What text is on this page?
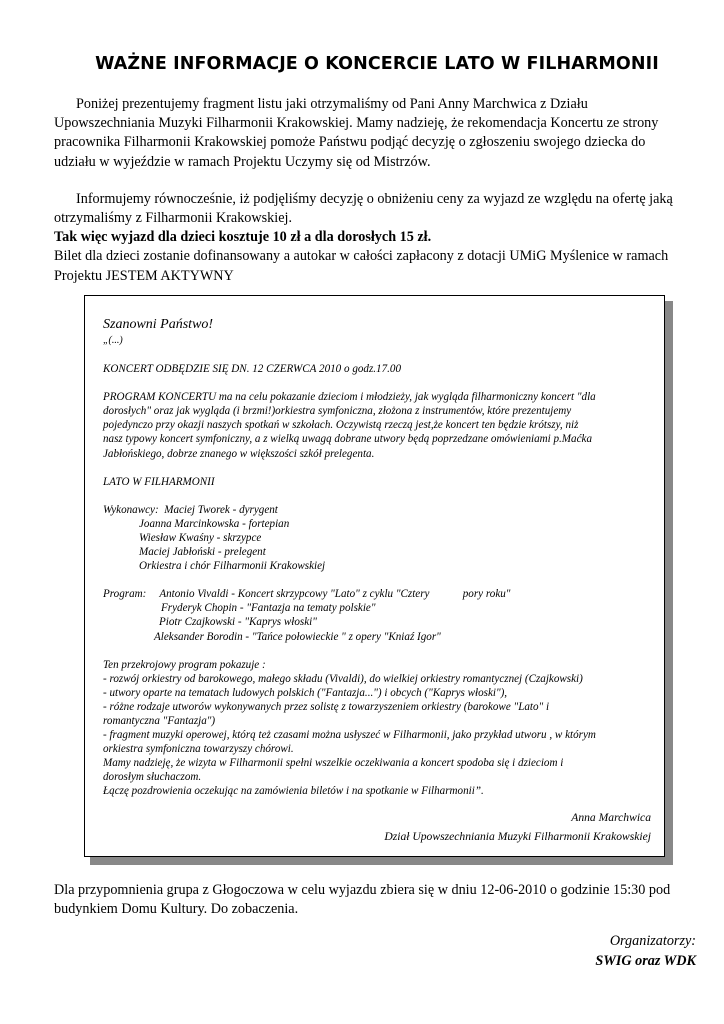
WAŻNE INFORMACJE O KONCERCIE LATO W FILHARMONII

Poniżej prezentujemy fragment listu jaki otrzymaliśmy od Pani Anny Marchwica z Działu

Upowszechniania Muzyki Filharmonii Krakowskiej. Mamy nadzieję, że rekomendacja Koncertu ze strony

pracownika Filharmonii Krakowskiej pomoże Państwu podjąć decyzję o zgłoszeniu swojego dziecka do

udziału w wyjeździe w ramach Projektu Uczymy się od Mistrzów.

Informujemy równocześnie, iż podjęliśmy decyzję o obniżeniu ceny za wyjazd ze względu na ofertę jaką

otrzymaliśmy z Filharmonii Krakowskiej.

Tak więc wyjazd dla dzieci kosztuje 10 zł a dla dorosłych 15 zł.

Bilet dla dzieci zostanie dofinansowany a autokar w całości zapłacony z dotacji UMiG Myślenice w ramach

Projektu JESTEM AKTYWNY

Szanowni Państwo!

„(...)

KONCERT ODBĘDZIE SIĘ DN. 12 CZERWCA 2010 o godz.17.00

PROGRAM KONCERTU ma na celu pokazanie dzieciom i młodzieży, jak wygląda filharmoniczny koncert "dla

dorosłych" oraz jak wygląda (i brzmi!)orkiestra symfoniczna, złożona z instrumentów, które prezentujemy

pojedynczo przy okazji naszych spotkań w szkołach. Oczywistą rzeczą jest,że koncert ten będzie krótszy, niż

nasz typowy koncert symfoniczny, a z wielką uwagą dobrane utwory będą poprzedzane omówieniami p.Maćka

Jabłońskiego, dobrze znanego w większości szkół prelegenta.

LATO W FILHARMONII

Wykonawcy: Maciej Tworek - dyrygent

Joanna Marcinkowska - fortepian

Wiesław Kwaśny - skrzypce

Maciej Jabłoński - prelegent

Orkiestra i chór Filharmonii Krakowskiej

Program: Antonio Vivaldi - Koncert skrzypcowy "Lato" z cyklu "Cztery            pory roku"

Fryderyk Chopin - "Fantazja na tematy polskie"

Piotr Czajkowski - "Kaprys włoski"

Aleksander Borodin - "Tańce połowieckie " z opery "Kniaź Igor"

Ten przekrojowy program pokazuje :

- rozwój orkiestry od barokowego, małego składu (Vivaldi), do wielkiej orkiestry romantycznej (Czajkowski)

- utwory oparte na tematach ludowych polskich ("Fantazja...") i obcych ("Kaprys włoski"),

- różne rodzaje utworów wykonywanych przez solistę z towarzyszeniem orkiestry (barokowe "Lato" i

romantyczna "Fantazja")

- fragment muzyki operowej, którą też czasami można usłyszeć w Filharmonii, jako przykład utworu , w którym

orkiestra symfoniczna towarzyszy chórowi.

Mamy nadzieję, że wizyta w Filharmonii spełni wszelkie oczekiwania a koncert spodoba się i dzieciom i

dorosłym słuchaczom.

Łączę pozdrowienia oczekując na zamówienia biletów i na spotkanie w Filharmonii”.

Anna Marchwica

Dział Upowszechniania Muzyki Filharmonii Krakowskiej

Dla przypomnienia grupa z Głogoczowa w celu wyjazdu zbiera się w dniu 12-06-2010 o godzinie 15:30 pod

budynkiem Domu Kultury. Do zobaczenia.

Organizatorzy:

SWIG oraz WDK
